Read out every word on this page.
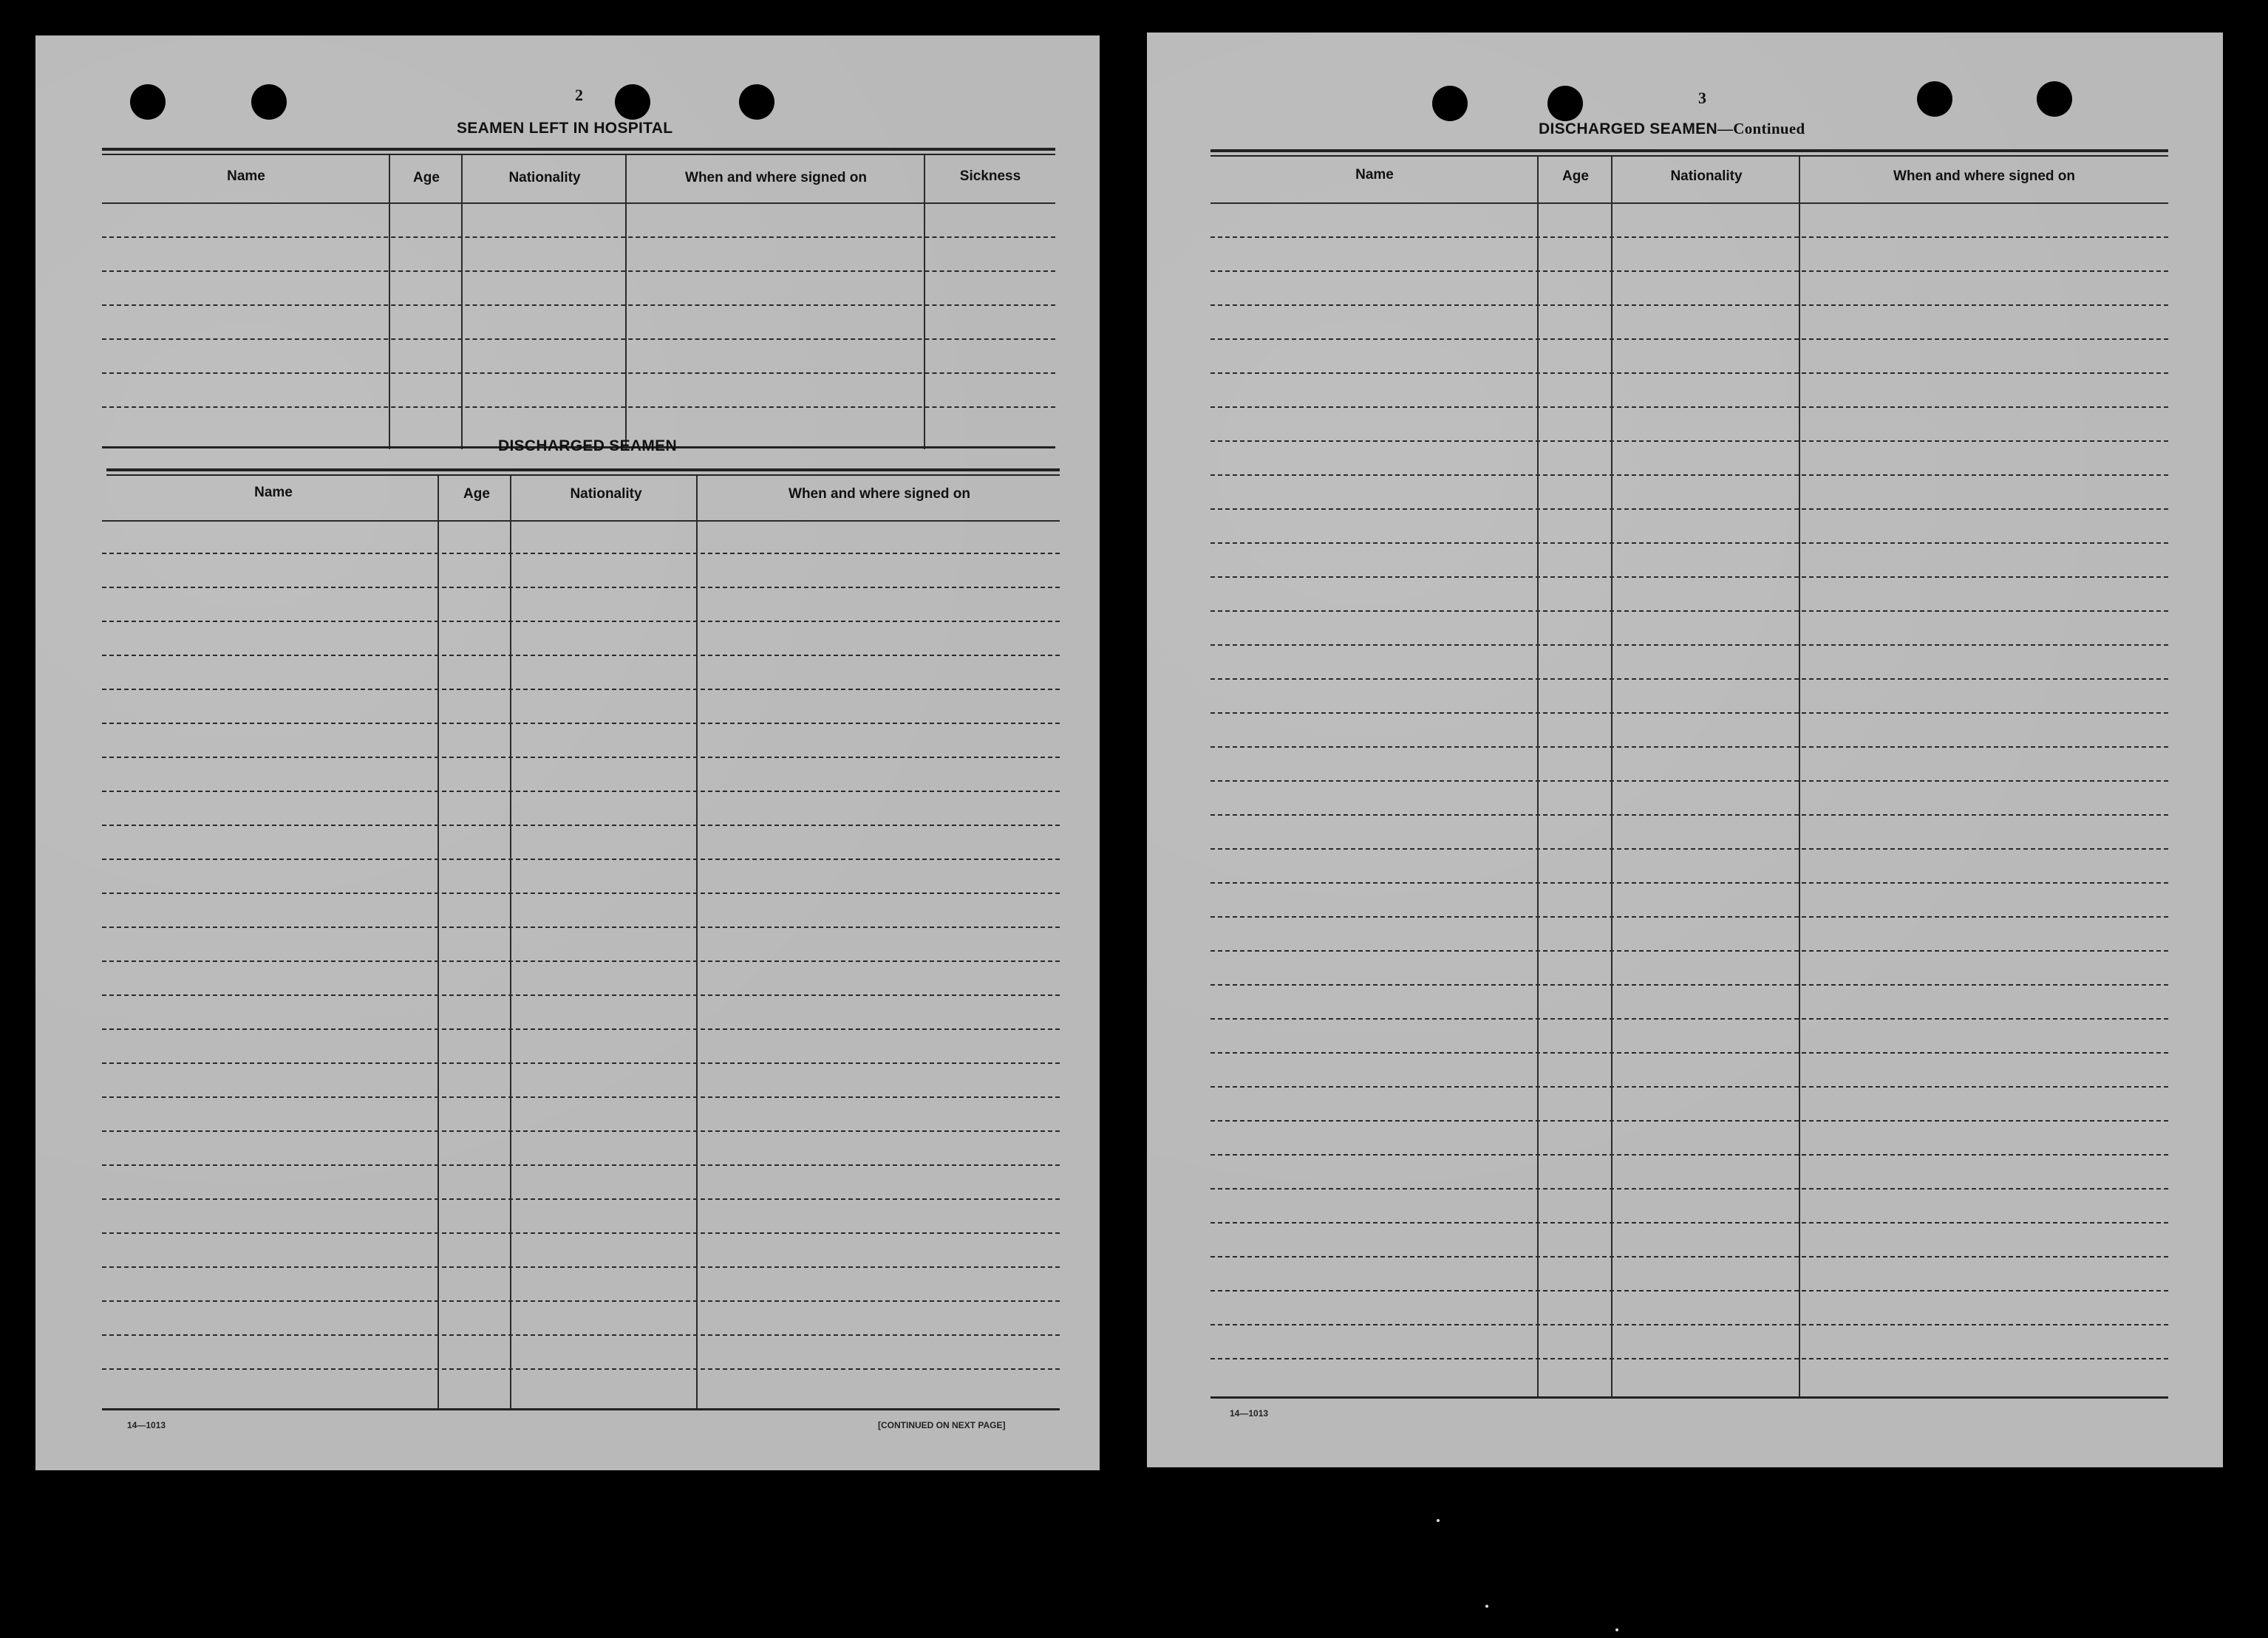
2
SEAMEN LEFT IN HOSPITAL
Name	Age	Nationality	When and where signed on	Sickness
DISCHARGED SEAMEN
Name	Age	Nationality	When and where signed on
14—1013	[CONTINUED ON NEXT PAGE]
3
DISCHARGED SEAMEN—Continued
Name	Age	Nationality	When and where signed on
14—1013
